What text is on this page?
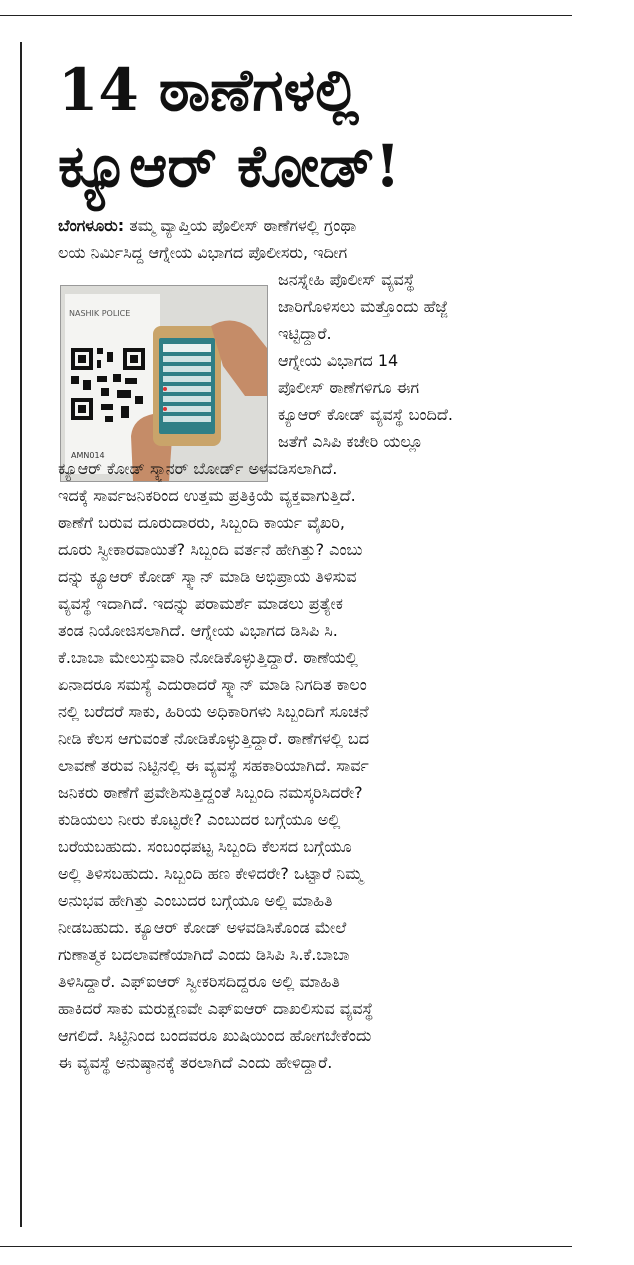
14 ಠಾಣೆಗಳಲ್ಲಿ
ಕ್ಯೂಆರ್ ಕೋಡ್!
NASHIK POLICE
AMN014
ಬೆಂಗಳೂರು: ತಮ್ಮ ವ್ಯಾಪ್ತಿಯ ಪೊಲೀಸ್ ಠಾಣೆಗಳಲ್ಲಿ ಗ್ರಂಥಾ
ಲಯ ನಿರ್ಮಿಸಿದ್ದ ಆಗ್ನೇಯ ವಿಭಾಗದ ಪೊಲೀಸರು, ಇದೀಗ
ಜನಸ್ನೇಹಿ ಪೊಲೀಸ್ ವ್ಯವಸ್ಥೆ
ಜಾರಿಗೊಳಿಸಲು ಮತ್ತೊಂದು ಹೆಜ್ಜೆ
ಇಟ್ಟಿದ್ದಾರೆ.
ಆಗ್ನೇಯ ವಿಭಾಗದ 14
ಪೊಲೀಸ್ ಠಾಣೆಗಳಿಗೂ ಈಗ
ಕ್ಯೂಆರ್ ಕೋಡ್ ವ್ಯವಸ್ಥೆ ಬಂದಿದೆ.
ಜತೆಗೆ ಎಸಿಪಿ ಕಚೇರಿ ಯಲ್ಲೂ
ಕ್ಯೂಆರ್ ಕೋಡ್ ಸ್ಕ್ಯಾನರ್ ಬೋರ್ಡ್ ಅಳವಡಿಸಲಾಗಿದೆ.
ಇದಕ್ಕೆ ಸಾರ್ವಜನಿಕರಿಂದ ಉತ್ತಮ ಪ್ರತಿಕ್ರಿಯೆ ವ್ಯಕ್ತವಾಗುತ್ತಿದೆ.
ಠಾಣೆಗೆ ಬರುವ ದೂರುದಾರರು, ಸಿಬ್ಬಂದಿ ಕಾರ್ಯ ವೈಖರಿ,
ದೂರು ಸ್ವೀಕಾರವಾಯಿತೆ? ಸಿಬ್ಬಂದಿ ವರ್ತನೆ ಹೇಗಿತ್ತು? ಎಂಬು
ದನ್ನು ಕ್ಯೂಆರ್ ಕೋಡ್ ಸ್ಕ್ಯಾನ್ ಮಾಡಿ ಅಭಿಪ್ರಾಯ ತಿಳಿಸುವ
ವ್ಯವಸ್ಥೆ ಇದಾಗಿದೆ. ಇದನ್ನು ಪರಾಮರ್ಶೆ ಮಾಡಲು ಪ್ರತ್ಯೇಕ
ತಂಡ ನಿಯೋಜಿಸಲಾಗಿದೆ. ಆಗ್ನೇಯ ವಿಭಾಗದ ಡಿಸಿಪಿ ಸಿ.
ಕೆ.ಬಾಬಾ ಮೇಲುಸ್ತುವಾರಿ ನೋಡಿಕೊಳ್ಳುತ್ತಿದ್ದಾರೆ. ಠಾಣೆಯಲ್ಲಿ
ಏನಾದರೂ ಸಮಸ್ಯೆ ಎದುರಾದರೆ ಸ್ಕ್ಯಾನ್ ಮಾಡಿ ನಿಗದಿತ ಕಾಲಂ
ನಲ್ಲಿ ಬರೆದರೆ ಸಾಕು, ಹಿರಿಯ ಅಧಿಕಾರಿಗಳು ಸಿಬ್ಬಂದಿಗೆ ಸೂಚನೆ
ನೀಡಿ ಕೆಲಸ ಆಗುವಂತೆ ನೋಡಿಕೊಳ್ಳುತ್ತಿದ್ದಾರೆ. ಠಾಣೆಗಳಲ್ಲಿ ಬದ
ಲಾವಣೆ ತರುವ ನಿಟ್ಟಿನಲ್ಲಿ ಈ ವ್ಯವಸ್ಥೆ ಸಹಕಾರಿಯಾಗಿದೆ. ಸಾರ್ವ
ಜನಿಕರು ಠಾಣೆಗೆ ಪ್ರವೇಶಿಸುತ್ತಿದ್ದಂತೆ ಸಿಬ್ಬಂದಿ ನಮಸ್ಕರಿಸಿದರೇ?
ಕುಡಿಯಲು ನೀರು ಕೊಟ್ಟರೇ? ಎಂಬುದರ ಬಗ್ಗೆಯೂ ಅಲ್ಲಿ
ಬರೆಯಬಹುದು. ಸಂಬಂಧಪಟ್ಟ ಸಿಬ್ಬಂದಿ ಕೆಲಸದ ಬಗ್ಗೆಯೂ
ಅಲ್ಲಿ ತಿಳಿಸಬಹುದು. ಸಿಬ್ಬಂದಿ ಹಣ ಕೇಳಿದರೇ? ಒಟ್ಟಾರೆ ನಿಮ್ಮ
ಅನುಭವ ಹೇಗಿತ್ತು ಎಂಬುದರ ಬಗ್ಗೆಯೂ ಅಲ್ಲಿ ಮಾಹಿತಿ
ನೀಡಬಹುದು. ಕ್ಯೂಆರ್ ಕೋಡ್ ಅಳವಡಿಸಿಕೊಂಡ ಮೇಲೆ
ಗುಣಾತ್ಮಕ ಬದಲಾವಣೆಯಾಗಿದೆ ಎಂದು ಡಿಸಿಪಿ ಸಿ.ಕೆ.ಬಾಬಾ
ತಿಳಿಸಿದ್ದಾರೆ. ಎಫ್ಐಆರ್ ಸ್ವೀಕರಿಸದಿದ್ದರೂ ಅಲ್ಲಿ ಮಾಹಿತಿ
ಹಾಕಿದರೆ ಸಾಕು ಮರುಕ್ಷಣವೇ ಎಫ್ಐಆರ್ ದಾಖಲಿಸುವ ವ್ಯವಸ್ಥೆ
ಆಗಲಿದೆ. ಸಿಟ್ಟಿನಿಂದ ಬಂದವರೂ ಖುಷಿಯಿಂದ ಹೋಗಬೇಕೆಂದು
ಈ ವ್ಯವಸ್ಥೆ ಅನುಷ್ಠಾನಕ್ಕೆ ತರಲಾಗಿದೆ ಎಂದು ಹೇಳಿದ್ದಾರೆ.
